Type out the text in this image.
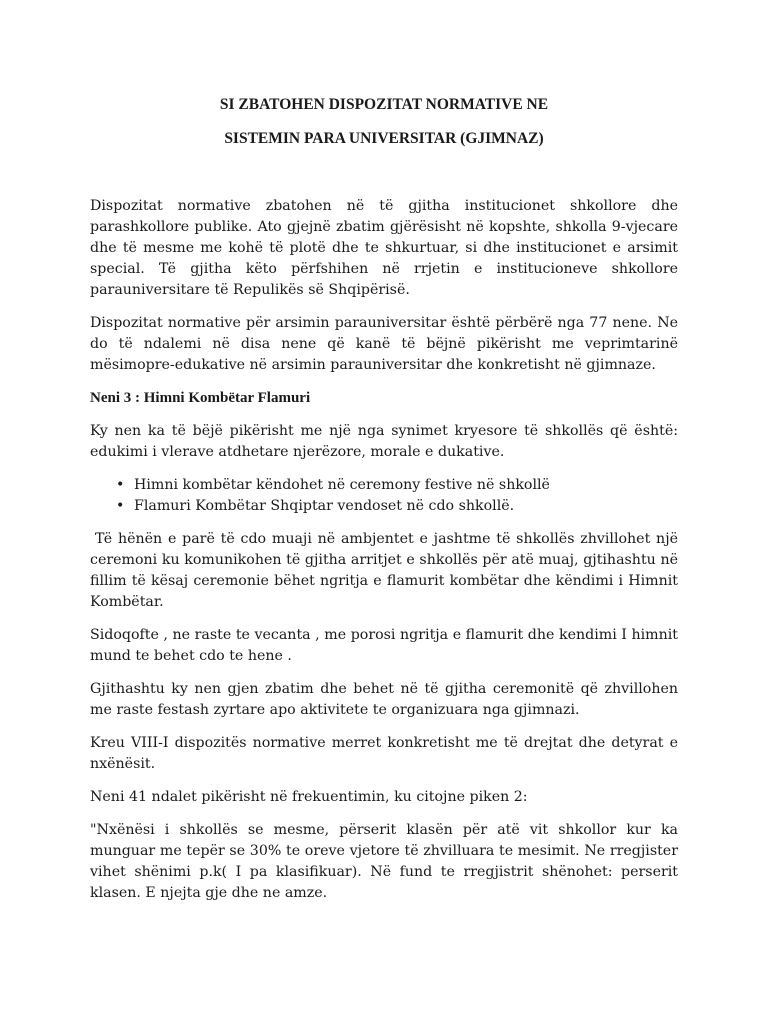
SI ZBATOHEN DISPOZITAT NORMATIVE NE

SISTEMIN PARA UNIVERSITAR (GJIMNAZ)

Dispozitat normative zbatohen në të gjitha institucionet shkollore dhe parashkollore publike. Ato gjejnë zbatim gjërësisht në kopshte, shkolla 9-vjecare dhe të mesme me kohë të plotë dhe te shkurtuar, si dhe institucionet e arsimit special. Të gjitha këto përfshihen në rrjetin e institucioneve shkollore parauniversitare të Repulikës së Shqipërisë.

Dispozitat normative për arsimin parauniversitar është përbërë nga 77 nene. Ne do të ndalemi në disa nene që kanë të bëjnë pikërisht me veprimtarinë mësimopre-edukative në arsimin parauniversitar dhe konkretisht në gjimnaze.

Neni 3 : Himni Kombëtar Flamuri

Ky nen ka të bëjë pikërisht me një nga synimet kryesore të shkollës që është: edukimi i vlerave atdhetare njerëzore, morale e dukative.

• Himni kombëtar këndohet në ceremony festive në shkollë
• Flamuri Kombëtar Shqiptar vendoset në cdo shkollë.

Të hënën e parë të cdo muaji në ambjentet e jashtme të shkollës zhvillohet një ceremoni ku komunikohen të gjitha arritjet e shkollës për atë muaj, gjtihashtu në fillim të kësaj ceremonie bëhet ngritja e flamurit kombëtar dhe këndimi i Himnit Kombëtar.

Sidoqofte , ne raste te vecanta , me porosi ngritja e flamurit dhe kendimi I himnit mund te behet cdo te hene .

Gjithashtu ky nen gjen zbatim dhe behet në të gjitha ceremonitë që zhvillohen me raste festash zyrtare apo aktivitete te organizuara nga gjimnazi.

Kreu VIII-I dispozitës normative merret konkretisht me të drejtat dhe detyrat e nxënësit.

Neni 41 ndalet pikërisht në frekuentimin, ku citojne piken 2:

"Nxënësi i shkollës se mesme, përserit klasën për atë vit shkollor kur ka munguar me tepër se 30% te oreve vjetore të zhvilluara te mesimit. Ne rregjister vihet shënimi p.k( I pa klasifikuar). Në fund te rregjistrit shënohet: perserit klasen. E njejta gje dhe ne amze.
